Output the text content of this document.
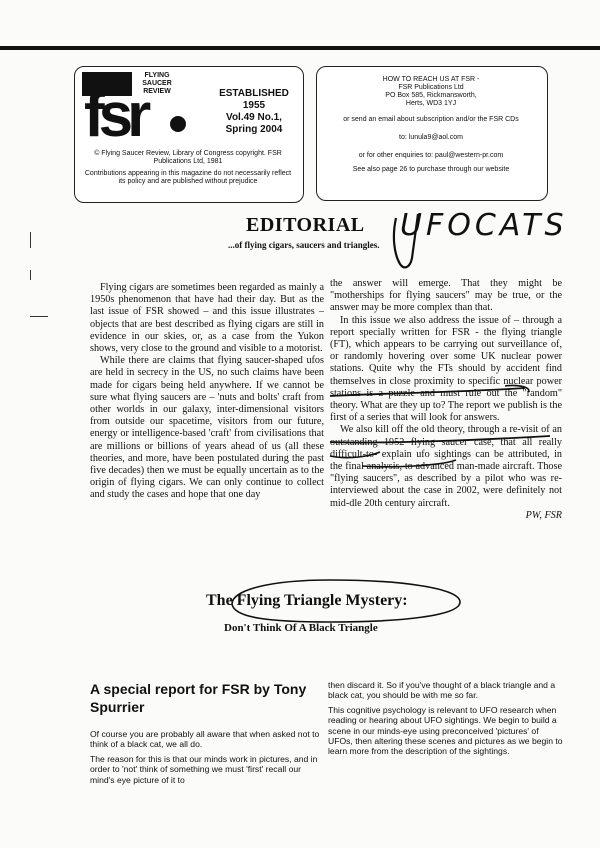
fsr
FLYING
SAUCER
REVIEW	ESTABLISHED
1955
Vol.49 No.1,
Spring 2004

© Flying Saucer Review, Library of Congress copyright. FSR Publications Ltd, 1981

Contributions appearing in this magazine do not necessarily reflect its policy and are published without prejudice

HOW TO REACH US AT FSR -
FSR Publications Ltd
PO Box 585, Rickmansworth,
Herts, WD3 1YJ

or send an email about subscription and/or the FSR CDs

to: lunula9@aol.com

or for other enquiries to: paul@western-pr.com

See also page 26 to purchase through our website

EDITORIAL
...of flying cigars, saucers and triangles.
UFOCATS

Flying cigars are sometimes been regarded as mainly a 1950s phenomenon that have had their day. But as the last issue of FSR showed – and this issue illustrates – objects that are best described as flying cigars are still in evidence in our skies, or, as a case from the Yukon shows, very close to the ground and visible to a motorist.

While there are claims that flying saucer-shaped ufos are held in secrecy in the US, no such claims have been made for cigars being held anywhere. If we cannot be sure what flying saucers are – 'nuts and bolts' craft from other worlds in our galaxy, inter-dimensional visitors from outside our spacetime, visitors from our future, energy or intelligence-based 'craft' from civilisations that are millions or billions of years ahead of us (all these theories, and more, have been postulated during the past five decades) then we must be equally uncertain as to the origin of flying cigars. We can only continue to collect and study the cases and hope that one day

the answer will emerge. That they might be "motherships for flying saucers" may be true, or the answer may be more complex than that.

In this issue we also address the issue of – through a report specially written for FSR - the flying triangle (FT), which appears to be carrying out surveillance of, or randomly hovering over some UK nuclear power stations. Quite why the FTs should by accident find themselves in close proximity to specific nuclear power stations is a puzzle and must rule out the "random" theory. What are they up to? The report we publish is the first of a series that will look for answers.

We also kill off the old theory, through a re-visit of an outstanding 1952 flying saucer case, that all really difficult-to- explain ufo sightings can be attributed, in the final analysis, to advanced man-made aircraft. Those "flying saucers", as described by a pilot who was re-interviewed about the case in 2002, were definitely not mid-dle 20th century aircraft.

PW, FSR

The Flying Triangle Mystery:
Don't Think Of A Black Triangle
A special report for FSR by Tony Spurrier

Of course you are probably all aware that when asked not to think of a black cat, we all do.

The reason for this is that our minds work in pictures, and in order to 'not' think of something we must 'first' recall our mind's eye picture of it to

then discard it. So if you've thought of a black triangle and a black cat, you should be with me so far.

This cognitive psychology is relevant to UFO research when reading or hearing about UFO sightings. We begin to build a scene in our minds-eye using preconceived 'pictures' of UFOs, then altering these scenes and pictures as we begin to learn more from the description of the sightings.
